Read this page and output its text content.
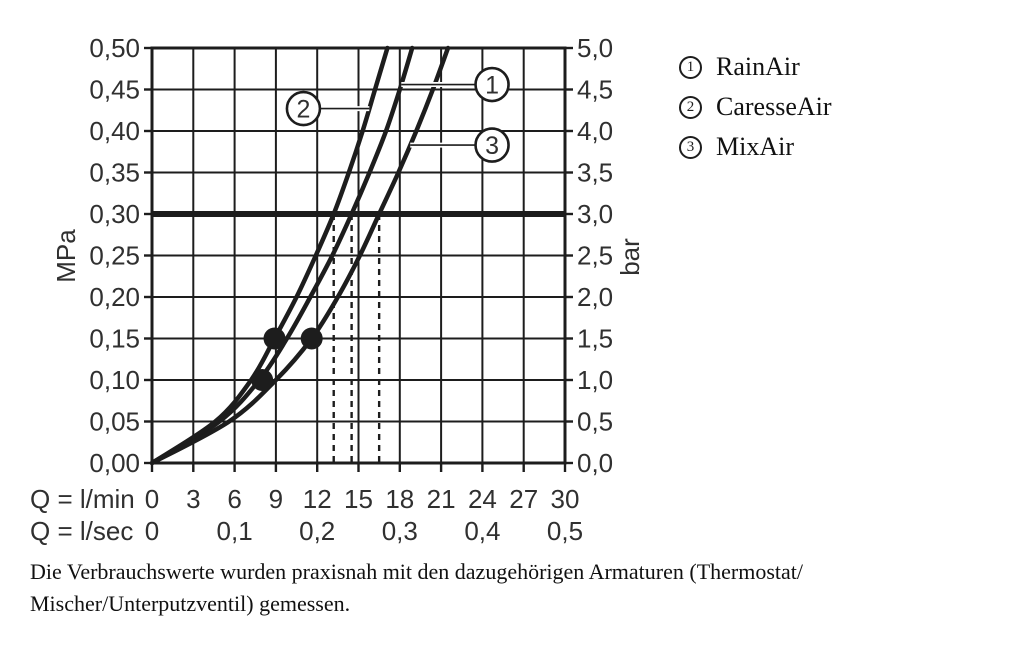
0,50
0,45
0,40
0,35
0,30
0,25
0,20
0,15
0,10
0,05
0,00
5,0
4,5
4,0
3,5
3,0
2,5
2,0
1,5
1,0
0,5
0,0
0 3 6 9 12 15 18 21 24 27 30
0 0,1 0,2 0,3 0,4 0,5
MPa	bar
Q = l/min
Q = l/sec
1
2
3
1 RainAir
2 CaresseAir
3 MixAir
Die Verbrauchswerte wurden praxisnah mit den dazugehörigen Armaturen (Thermostat/
Mischer/Unterputzventil) gemessen.
